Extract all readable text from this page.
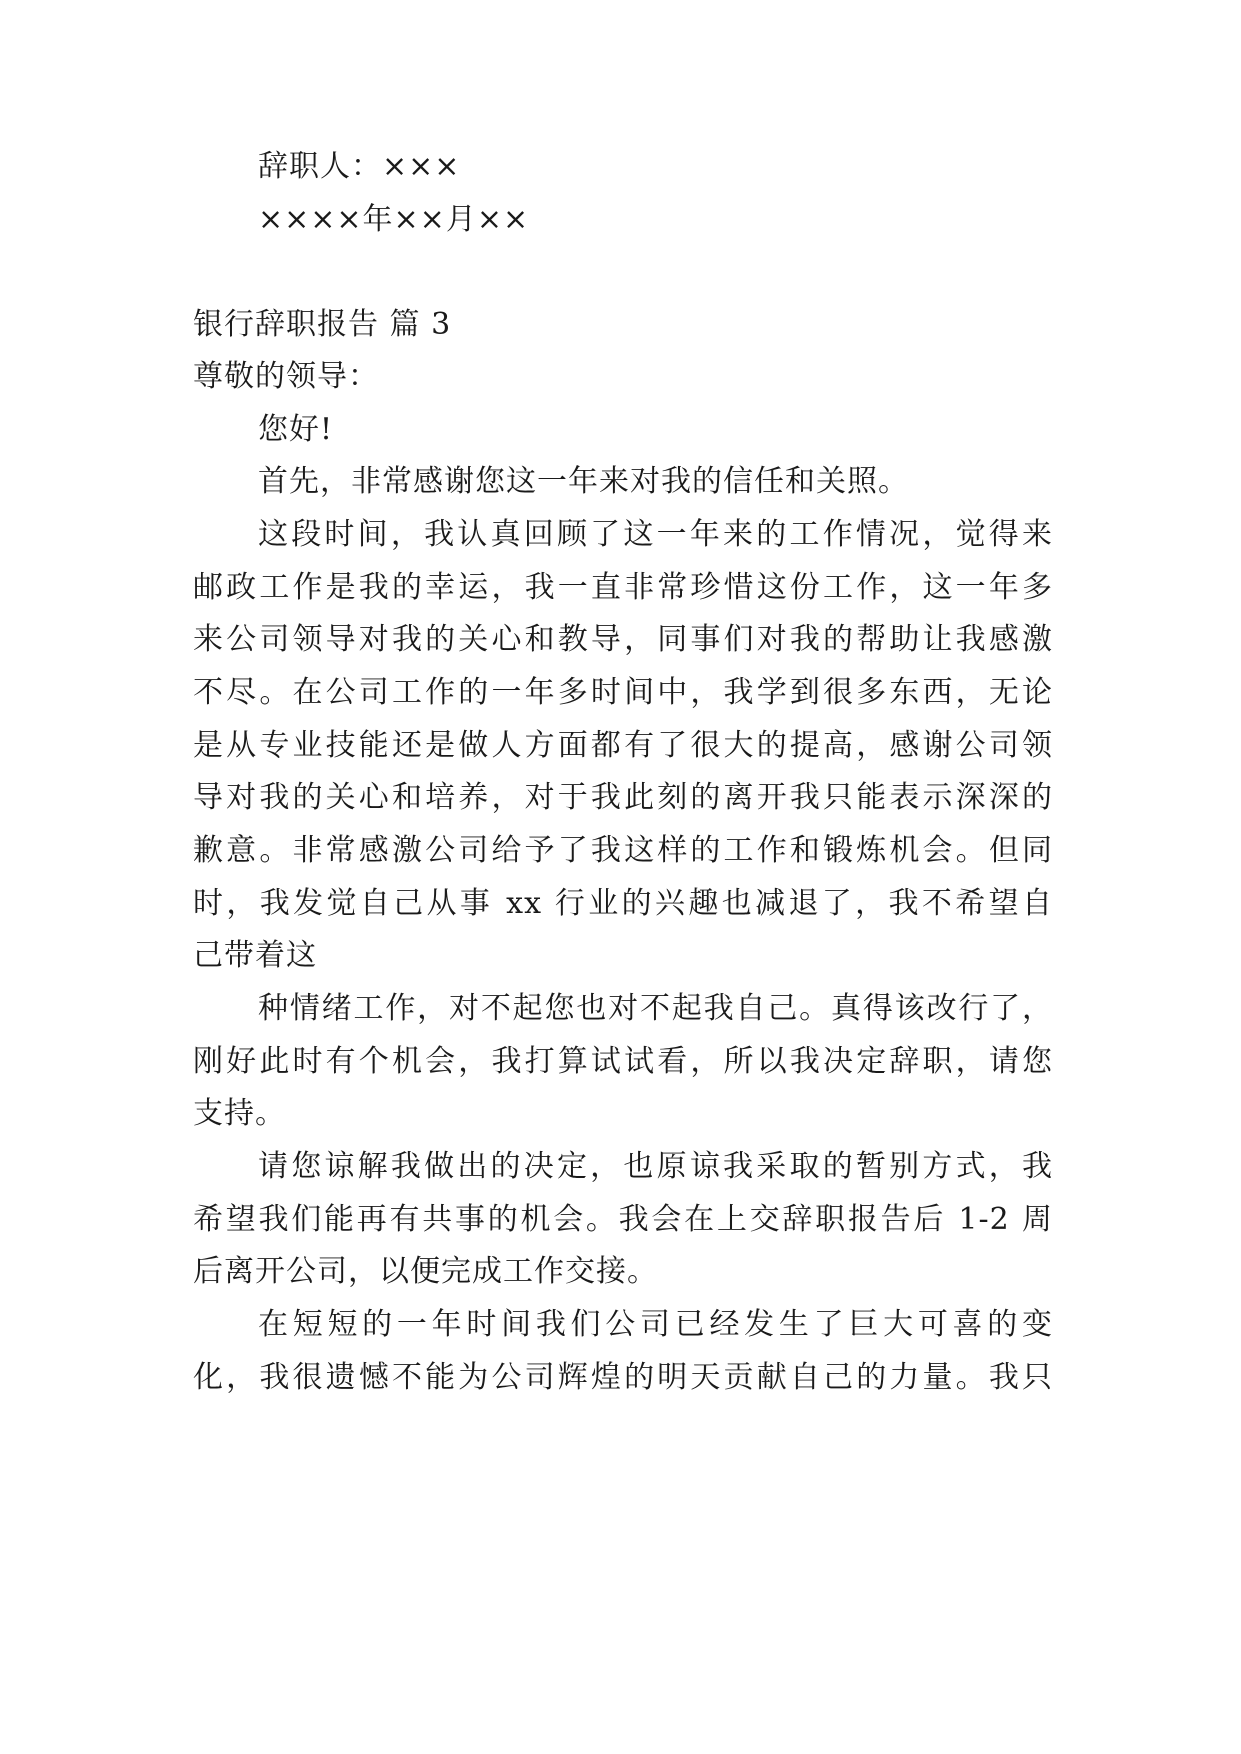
辞职人：×××
××××年××月××
银行辞职报告 篇 3
尊敬的领导：
您好!
首先，非常感谢您这一年来对我的信任和关照。
这段时间，我认真回顾了这一年来的工作情况，觉得来
邮政工作是我的幸运，我一直非常珍惜这份工作，这一年多
来公司领导对我的关心和教导，同事们对我的帮助让我感激
不尽。在公司工作的一年多时间中，我学到很多东西，无论
是从专业技能还是做人方面都有了很大的提高，感谢公司领
导对我的关心和培养，对于我此刻的离开我只能表示深深的
歉意。非常感激公司给予了我这样的工作和锻炼机会。但同
时，我发觉自己从事 xx 行业的兴趣也减退了，我不希望自
己带着这
种情绪工作，对不起您也对不起我自己。真得该改行了，
刚好此时有个机会，我打算试试看，所以我决定辞职，请您
支持。
请您谅解我做出的决定，也原谅我采取的暂别方式，我
希望我们能再有共事的机会。我会在上交辞职报告后 1-2 周
后离开公司，以便完成工作交接。
在短短的一年时间我们公司已经发生了巨大可喜的变
化，我很遗憾不能为公司辉煌的明天贡献自己的力量。我只
